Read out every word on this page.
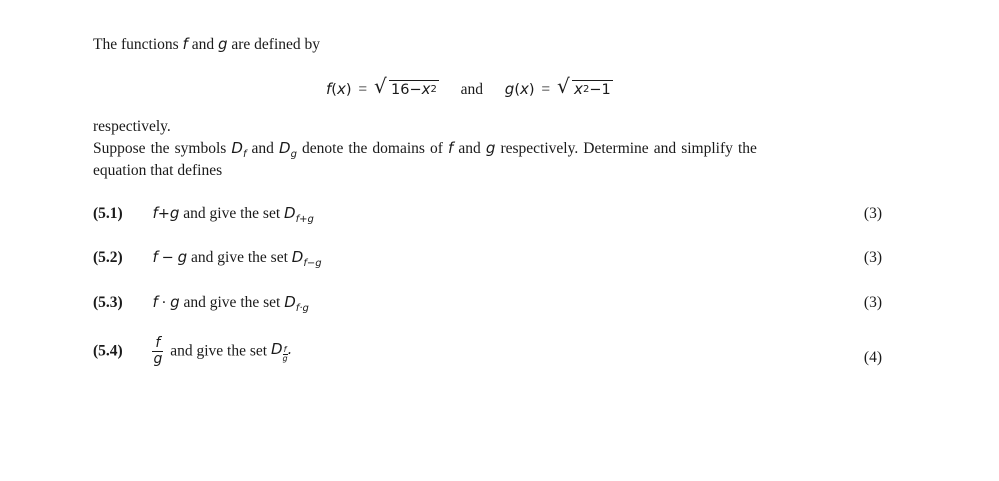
The functions f and g are defined by
f(x) = √ $16-x^2$ and g(x) = √ $x^2-1$
respectively.
Suppose the symbols $D_f$ and $D_g$ denote the domains of f and g respectively. Determine and simplify the
equation that defines
(5.1) f+g and give the set $D_{f+g}$	(3)
(5.2) f − g and give the set $D_{f-g}$	(3)
(5.3) f · g and give the set $D_{f\cdot g}$	(3)
$(5.4) \frac{f}{g}$ and give the set D $\frac{f}{g}$ .	(4)
